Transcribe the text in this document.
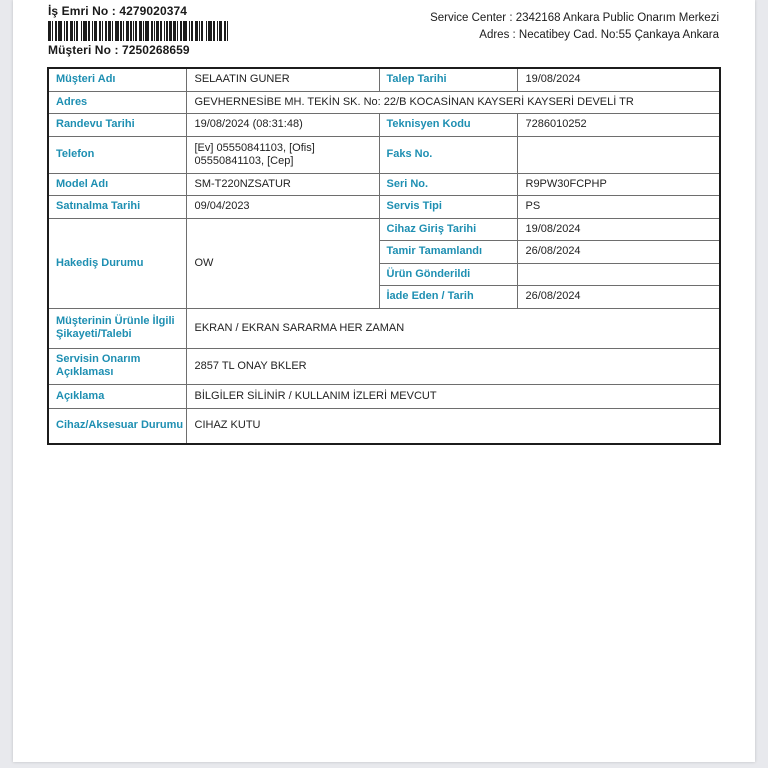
İş Emri No : 4279020374
Müşteri No : 7250268659
Service Center : 2342168 Ankara Public Onarım Merkezi
Adres : Necatibey Cad. No:55 Çankaya Ankara
Müşteri Adı	SELAATIN GUNER	Talep Tarihi	19/08/2024
Adres	GEVHERNESİBE MH. TEKİN SK. No: 22/B KOCASİNAN KAYSERİ KAYSERİ DEVELİ TR		
Randevu Tarihi	19/08/2024 (08:31:48)	Teknisyen Kodu	7286010252
Telefon	[Ev] 05550841103, [Ofis] 05550841103, [Cep]	Faks No.	
Model Adı	SM-T220NZSATUR	Seri No.	R9PW30FCPHP
Satınalma Tarihi	09/04/2023	Servis Tipi	PS
Hakediş Durumu	OW	Cihaz Giriş Tarihi	19/08/2024
		Tamir Tamamlandı	26/08/2024
		Ürün Gönderildi	
		İade Eden / Tarih	26/08/2024
Müşterinin Ürünle İlgili Şikayeti/Talebi	EKRAN / EKRAN SARARMA HER ZAMAN		
Servisin Onarım Açıklaması	2857 TL ONAY BKLER		
Açıklama	BİLGİLER SİLİNİR / KULLANIM İZLERİ MEVCUT		
Cihaz/Aksesuar Durumu	CIHAZ KUTU		
